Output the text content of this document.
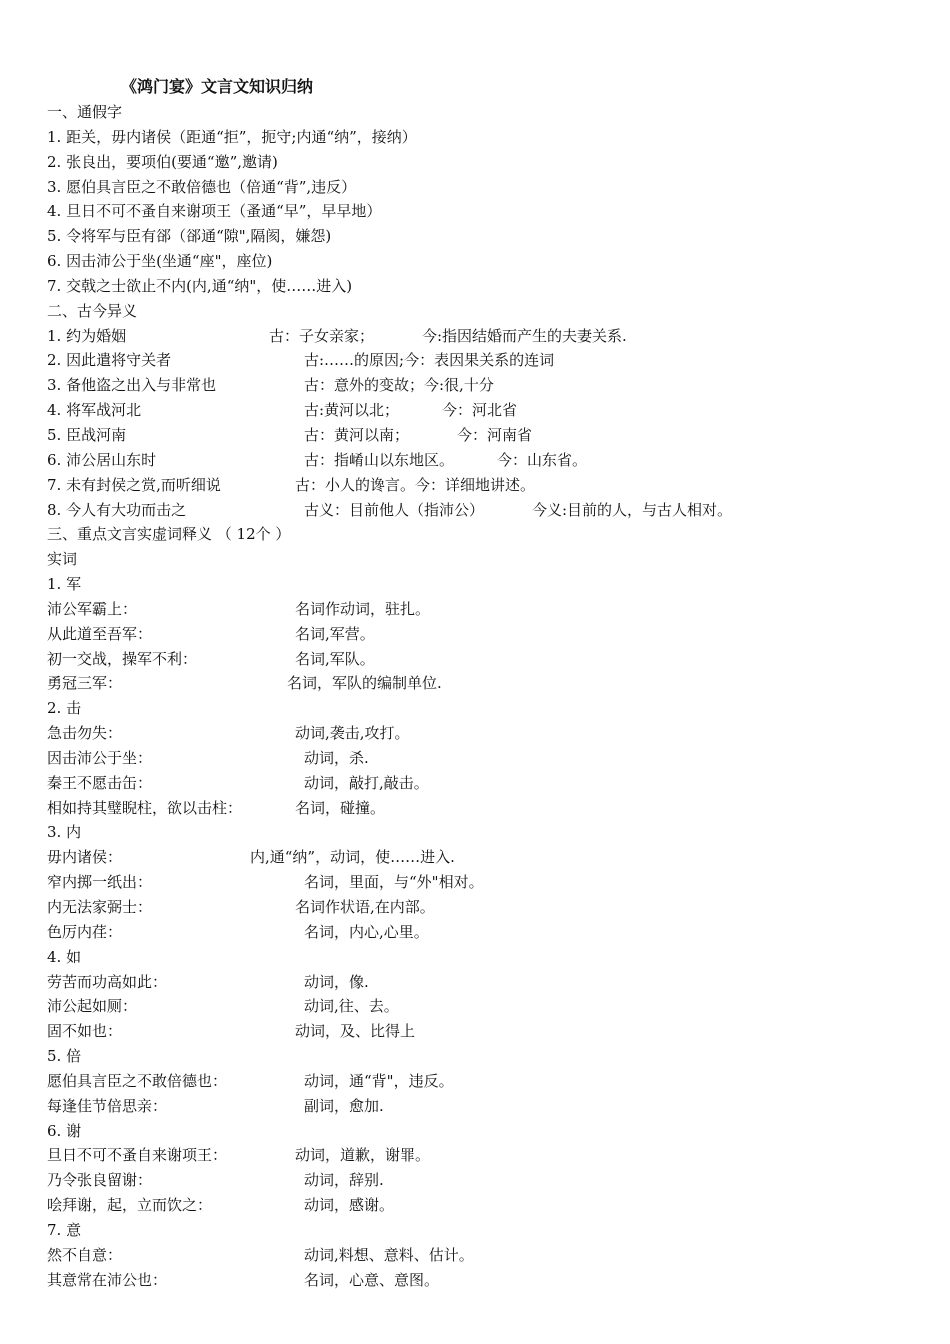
《鸿门宴》文言文知识归纳
一、通假字
1. 距关，毋内诸侯（距通“拒”，扼守;内通“纳”，接纳）
2. 张良出，要项伯(要通“邀”,邀请)
3. 愿伯具言臣之不敢倍德也（倍通“背”,违反）
4. 旦日不可不蚤自来谢项王（蚤通“早”，早早地）
5. 令将军与臣有郤（郤通“隙",隔阂，嫌怨)
6. 因击沛公于坐(坐通“座"，座位)
7. 交戟之士欲止不内(内,通“纳"，使……进入)
二、古今异义
1. 约为婚姻	古：子女亲家；	今:指因结婚而产生的夫妻关系.
2. 因此遣将守关者	古:……的原因;今：表因果关系的连词
3. 备他盗之出入与非常也	古：意外的变故；今:很,十分
4. 将军战河北	古:黄河以北；	今：河北省
5. 臣战河南	古：黄河以南；	今：河南省
6. 沛公居山东时	古：指崤山以东地区。	今：山东省。
7. 未有封侯之赏,而听细说	古：小人的谗言。今：详细地讲述。
8. 今人有大功而击之	古义：目前他人（指沛公）	今义:目前的人，与古人相对。
三、重点文言实虚词释义 （ 12个 ）
实词
1. 军
沛公军霸上：	名词作动词，驻扎。
从此道至吾军：	名词,军营。
初一交战，操军不利：	名词,军队。
勇冠三军：	名词，军队的编制单位.
2. 击
急击勿失：	动词,袭击,攻打。
因击沛公于坐：	动词，杀.
秦王不愿击缶：	动词，敲打,敲击。
相如持其璧睨柱，欲以击柱：	名词，碰撞。
3. 内
毋内诸侯：	内,通“纳”，动词，使……进入.
窄内掷一纸出：	名词，里面，与“外"相对。
内无法家弼士：	名词作状语,在内部。
色厉内荏：	名词，内心,心里。
4. 如
劳苦而功高如此：	动词，像.
沛公起如厕：	动词,往、去。
固不如也：	动词，及、比得上
5. 倍
愿伯具言臣之不敢倍德也：	动词，通“背"，违反。
每逢佳节倍思亲：	副词，愈加.
6. 谢
旦日不可不蚤自来谢项王：	动词，道歉，谢罪。
乃令张良留谢：	动词，辞别.
哙拜谢，起，立而饮之：	动词，感谢。
7. 意
然不自意：	动词,料想、意料、估计。
其意常在沛公也：	名词，心意、意图。
